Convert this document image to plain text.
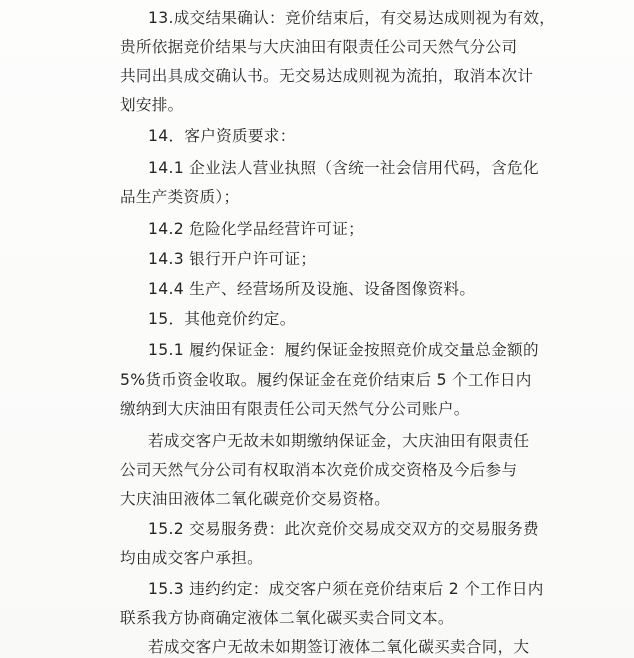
13.成交结果确认：竞价结束后，有交易达成则视为有效，
贵所依据竞价结果与大庆油田有限责任公司天然气分公司
共同出具成交确认书。无交易达成则视为流拍，取消本次计
划安排。
14．客户资质要求：
14.1 企业法人营业执照（含统一社会信用代码，含危化
品生产类资质）；
14.2 危险化学品经营许可证；
14.3 银行开户许可证；
14.4 生产、经营场所及设施、设备图像资料。
15．其他竞价约定。
15.1 履约保证金：履约保证金按照竞价成交量总金额的
5%货币资金收取。履约保证金在竞价结束后 5 个工作日内
缴纳到大庆油田有限责任公司天然气分公司账户。
若成交客户无故未如期缴纳保证金，大庆油田有限责任
公司天然气分公司有权取消本次竞价成交资格及今后参与
大庆油田液体二氧化碳竞价交易资格。
15.2 交易服务费：此次竞价交易成交双方的交易服务费
均由成交客户承担。
15.3 违约约定：成交客户须在竞价结束后 2 个工作日内
联系我方协商确定液体二氧化碳买卖合同文本。
若成交客户无故未如期签订液体二氧化碳买卖合同，大
